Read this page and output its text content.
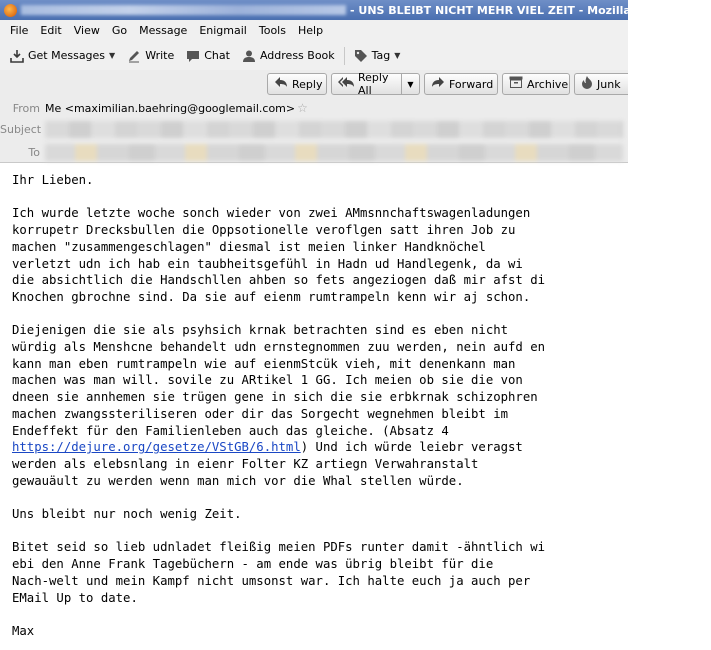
- UNS BLEIBT NICHT MEHR VIEL ZEIT - Mozilla Thunderbird
File	Edit	View	Go	Message	Enigmail	Tools	Help
Get Messages ▼	Write	Chat	Address Book	Tag ▼
Reply	Reply All	▼	Forward	Archive	Junk
From Me <maximilian.baehring@googlemail.com> ☆
Subject
To
Ihr Lieben.

Ich wurde letzte woche sonch wieder von zwei AMmsnnchaftswagenladungen
korrupetr Drecksbullen die Oppsotionelle veroflgen satt ihren Job zu
machen "zusammengeschlagen" diesmal ist meien linker Handknöchel
verletzt udn ich hab ein taubheitsgefühl in Hadn ud Handlegenk, da wi
die absichtlich die Handschllen ahben so fets angeziogen daß mir afst di
Knochen gbrochne sind. Da sie auf eienm rumtrampeln kenn wir aj schon.

Diejenigen die sie als psyhsich krnak betrachten sind es eben nicht
würdig als Menshcne behandelt udn ernstegnommen zuu werden, nein aufd en
kann man eben rumtrampeln wie auf eienmStcük vieh, mit denenkann man
machen was man will. sovile zu ARtikel 1 GG. Ich meien ob sie die von
dneen sie annhemen sie trügen gene in sich die sie erbkrnak schizophren
machen zwangssteriliseren oder dir das Sorgecht wegnehmen bleibt im
Endeffekt für den Familienleben auch das gleiche. (Absatz 4
https://dejure.org/gesetze/VStGB/6.html) Und ich würde leiebr veragst
werden als elebsnlang in eienr Folter KZ artiegn Verwahranstalt
gewauäult zu werden wenn man mich vor die Whal stellen würde.

Uns bleibt nur noch wenig Zeit.

Bitet seid so lieb udnladet fleißig meien PDFs runter damit -ähntlich wi
ebi den Anne Frank Tagebüchern - am ende was übrig bleibt für die
Nach-welt und mein Kampf nicht umsonst war. Ich halte euch ja auch per
EMail Up to date.

Max
